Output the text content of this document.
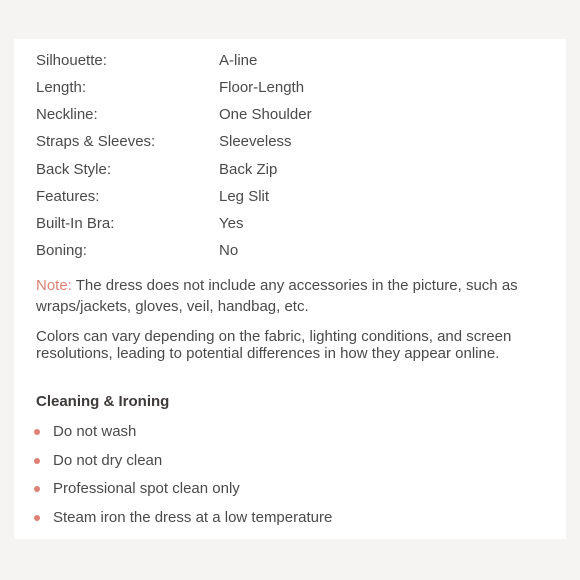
Silhouette:	A-line
Length:	Floor-Length
Neckline:	One Shoulder
Straps & Sleeves:	Sleeveless
Back Style:	Back Zip
Features:	Leg Slit
Built-In Bra:	Yes
Boning:	No
Note: The dress does not include any accessories in the picture, such as wraps/jackets, gloves, veil, handbag, etc.
Colors can vary depending on the fabric, lighting conditions, and screen resolutions, leading to potential differences in how they appear online.
Cleaning & Ironing
Do not wash
Do not dry clean
Professional spot clean only
Steam iron the dress at a low temperature
